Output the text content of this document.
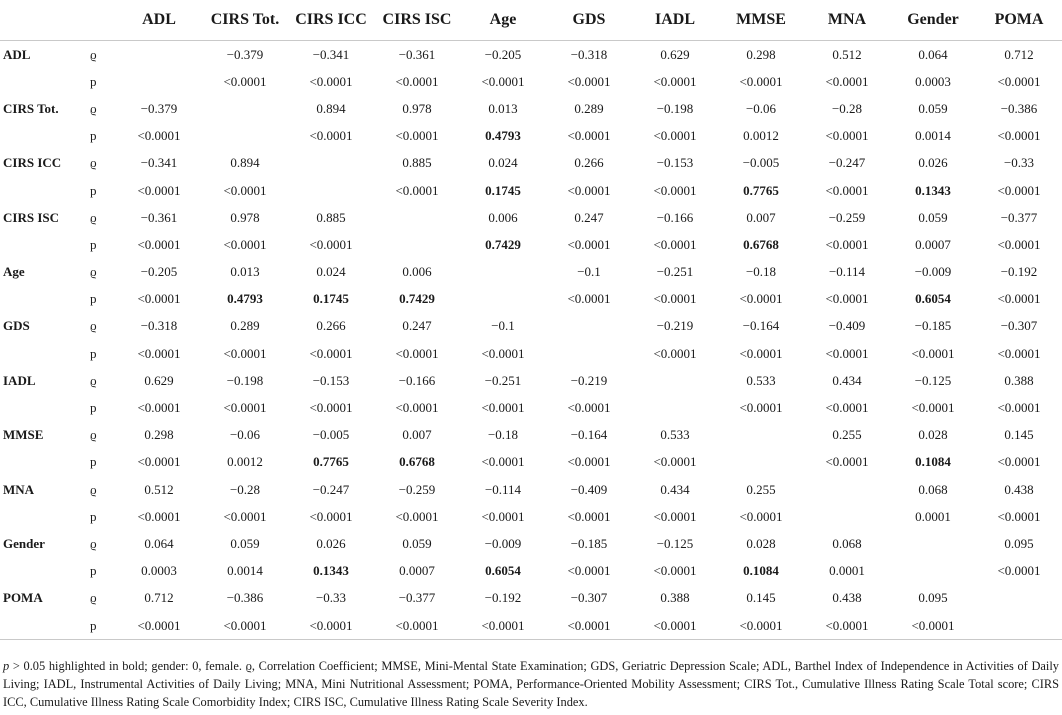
		ADL	CIRS Tot.	CIRS ICC	CIRS ISC	Age	GDS	IADL	MMSE	MNA	Gender	POMA
ADL	ϱ		−0.379	−0.341	−0.361	−0.205	−0.318	0.629	0.298	0.512	0.064	0.712
	p		<0.0001	<0.0001	<0.0001	<0.0001	<0.0001	<0.0001	<0.0001	<0.0001	0.0003	<0.0001
CIRS Tot.	ϱ	−0.379		0.894	0.978	0.013	0.289	−0.198	−0.06	−0.28	0.059	−0.386
	p	<0.0001		<0.0001	<0.0001	0.4793	<0.0001	<0.0001	0.0012	<0.0001	0.0014	<0.0001
CIRS ICC	ϱ	−0.341	0.894		0.885	0.024	0.266	−0.153	−0.005	−0.247	0.026	−0.33
	p	<0.0001	<0.0001		<0.0001	0.1745	<0.0001	<0.0001	0.7765	<0.0001	0.1343	<0.0001
CIRS ISC	ϱ	−0.361	0.978	0.885		0.006	0.247	−0.166	0.007	−0.259	0.059	−0.377
	p	<0.0001	<0.0001	<0.0001		0.7429	<0.0001	<0.0001	0.6768	<0.0001	0.0007	<0.0001
Age	ϱ	−0.205	0.013	0.024	0.006		−0.1	−0.251	−0.18	−0.114	−0.009	−0.192
	p	<0.0001	0.4793	0.1745	0.7429		<0.0001	<0.0001	<0.0001	<0.0001	0.6054	<0.0001
GDS	ϱ	−0.318	0.289	0.266	0.247	−0.1		−0.219	−0.164	−0.409	−0.185	−0.307
	p	<0.0001	<0.0001	<0.0001	<0.0001	<0.0001		<0.0001	<0.0001	<0.0001	<0.0001	<0.0001
IADL	ϱ	0.629	−0.198	−0.153	−0.166	−0.251	−0.219		0.533	0.434	−0.125	0.388
	p	<0.0001	<0.0001	<0.0001	<0.0001	<0.0001	<0.0001		<0.0001	<0.0001	<0.0001	<0.0001
MMSE	ϱ	0.298	−0.06	−0.005	0.007	−0.18	−0.164	0.533		0.255	0.028	0.145
	p	<0.0001	0.0012	0.7765	0.6768	<0.0001	<0.0001	<0.0001		<0.0001	0.1084	<0.0001
MNA	ϱ	0.512	−0.28	−0.247	−0.259	−0.114	−0.409	0.434	0.255		0.068	0.438
	p	<0.0001	<0.0001	<0.0001	<0.0001	<0.0001	<0.0001	<0.0001	<0.0001		0.0001	<0.0001
Gender	ϱ	0.064	0.059	0.026	0.059	−0.009	−0.185	−0.125	0.028	0.068		0.095
	p	0.0003	0.0014	0.1343	0.0007	0.6054	<0.0001	<0.0001	0.1084	0.0001		<0.0001
POMA	ϱ	0.712	−0.386	−0.33	−0.377	−0.192	−0.307	0.388	0.145	0.438	0.095	
	p	<0.0001	<0.0001	<0.0001	<0.0001	<0.0001	<0.0001	<0.0001	<0.0001	<0.0001	<0.0001	
p > 0.05 highlighted in bold; gender: 0, female. ϱ, Correlation Coefficient; MMSE, Mini-Mental State Examination; GDS, Geriatric Depression Scale; ADL, Barthel Index of Independence in Activities of Daily Living; IADL, Instrumental Activities of Daily Living; MNA, Mini Nutritional Assessment; POMA, Performance-Oriented Mobility Assessment; CIRS Tot., Cumulative Illness Rating Scale Total score; CIRS ICC, Cumulative Illness Rating Scale Comorbidity Index; CIRS ISC, Cumulative Illness Rating Scale Severity Index.
